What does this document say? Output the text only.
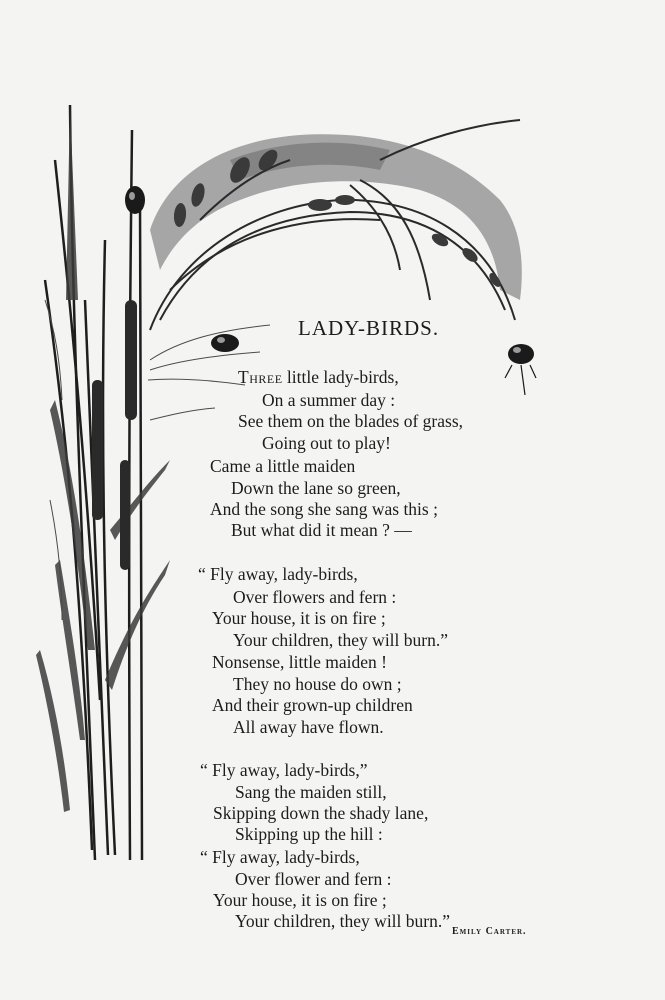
LADY-BIRDS.
Three little lady-birds,
On a summer day :
See them on the blades of grass,
Going out to play!
Came a little maiden
Down the lane so green,
And the song she sang was this ;
But what did it mean ? —
“ Fly away, lady-birds,
Over flowers and fern :
Your house, it is on fire ;
Your children, they will burn.”
Nonsense, little maiden !
They no house do own ;
And their grown-up children
All away have flown.
“ Fly away, lady-birds,”
Sang the maiden still,
Skipping down the shady lane,
Skipping up the hill :
“ Fly away, lady-birds,
Over flower and fern :
Your house, it is on fire ;
Your children, they will burn.”
Emily Carter.
